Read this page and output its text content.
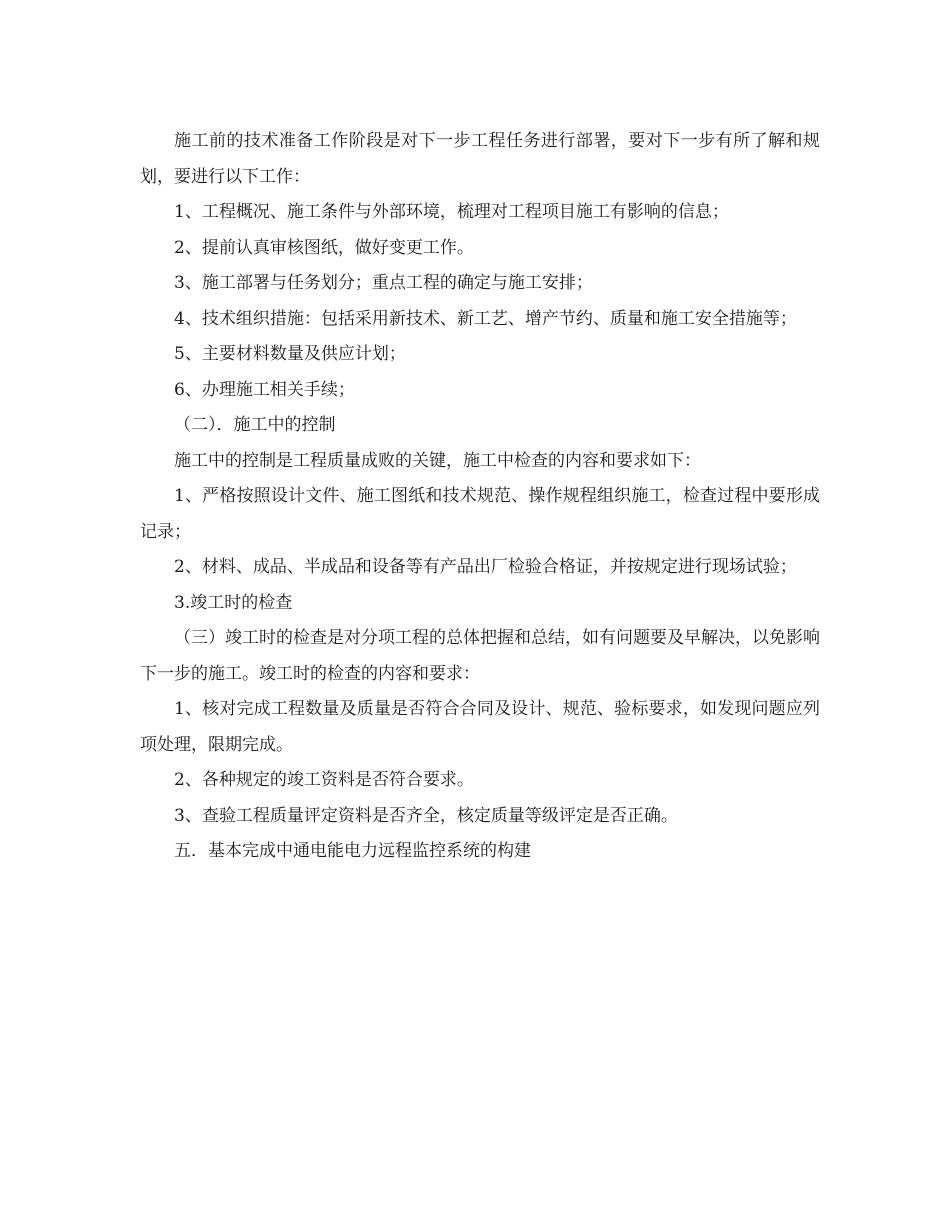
施工前的技术准备工作阶段是对下一步工程任务进行部署，要对下一步有所了解和规划，要进行以下工作：

1、工程概况、施工条件与外部环境，梳理对工程项目施工有影响的信息；

2、提前认真审核图纸，做好变更工作。

3、施工部署与任务划分；重点工程的确定与施工安排；

4、技术组织措施：包括采用新技术、新工艺、增产节约、质量和施工安全措施等；

5、主要材料数量及供应计划；

6、办理施工相关手续；

（二）．施工中的控制

施工中的控制是工程质量成败的关键，施工中检查的内容和要求如下：

1、严格按照设计文件、施工图纸和技术规范、操作规程组织施工，检查过程中要形成记录；

2、材料、成品、半成品和设备等有产品出厂检验合格证，并按规定进行现场试验；

3.竣工时的检查

（三）竣工时的检查是对分项工程的总体把握和总结，如有问题要及早解决，以免影响下一步的施工。竣工时的检查的内容和要求：

1、核对完成工程数量及质量是否符合合同及设计、规范、验标要求，如发现问题应列项处理，限期完成。

2、各种规定的竣工资料是否符合要求。

3、查验工程质量评定资料是否齐全，核定质量等级评定是否正确。

五．基本完成中通电能电力远程监控系统的构建
